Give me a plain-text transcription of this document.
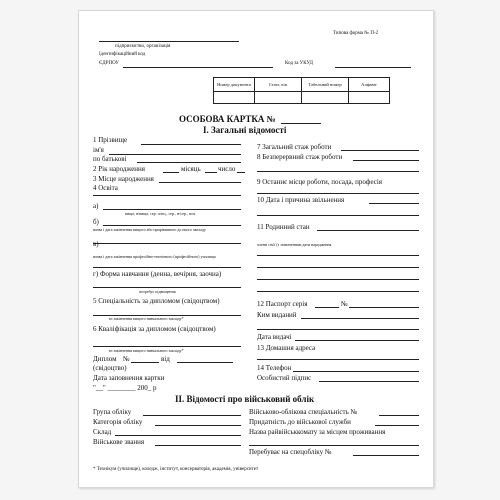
Типова форма № П-2
підприємство, організація
Ідентифікаційний код
ЄДРПОУ	Код за УКУД
Номер документа	Стать ч/ж	Табельний номер	Алфавіт

ОСОБОВА КАРТКА №
І. Загальні відомості
1 Прізвище
ім'я
по батькові
2 Рік народження	місяць число
3 Місце народження
4 Освіта
а)
вища, н/вища, сер. спец., сер., н/сер., поч.
б)
назва і дата закінчення вищого або прирівняного до нього закладу
в)
назва і дата закінчення професійно-технічного (професійного) училища
г) Форма навчання (денна, вечірня, заочна)
потребує підвищення
5 Спеціальність за дипломом (свідоцтвом)
вз закінчення вищого навчального закладу*
6 Кваліфікація за дипломом (свідоцтвом)
вз закінчення вищого навчального закладу*
Диплом №	від
(свідоцтво)
Дата заповнення картки
"__" ________ 200_ р
7 Загальний стаж роботи
8 Безперервний стаж роботи
9 Останнє місце роботи, посада, професія
10 Дата і причина звільнення
11 Родинний стан
члени сім'ї (з зазначенням дати народження
12 Паспорт серія	№
Ким виданий
Дата видачі
13 Домашня адреса
14 Телефон
Особистий підпис
ІІ. Відомості про військовий облік
Група обліку
Категорія обліку
Склад
Військове звання
Військово-облікова спеціальність №
Придатність до військової служби
Назва райвійськкомату за місцем проживання
Перебуває на спецобліку №
* Технікум (училище), коледж, інститут, консерваторія, академія, університет
